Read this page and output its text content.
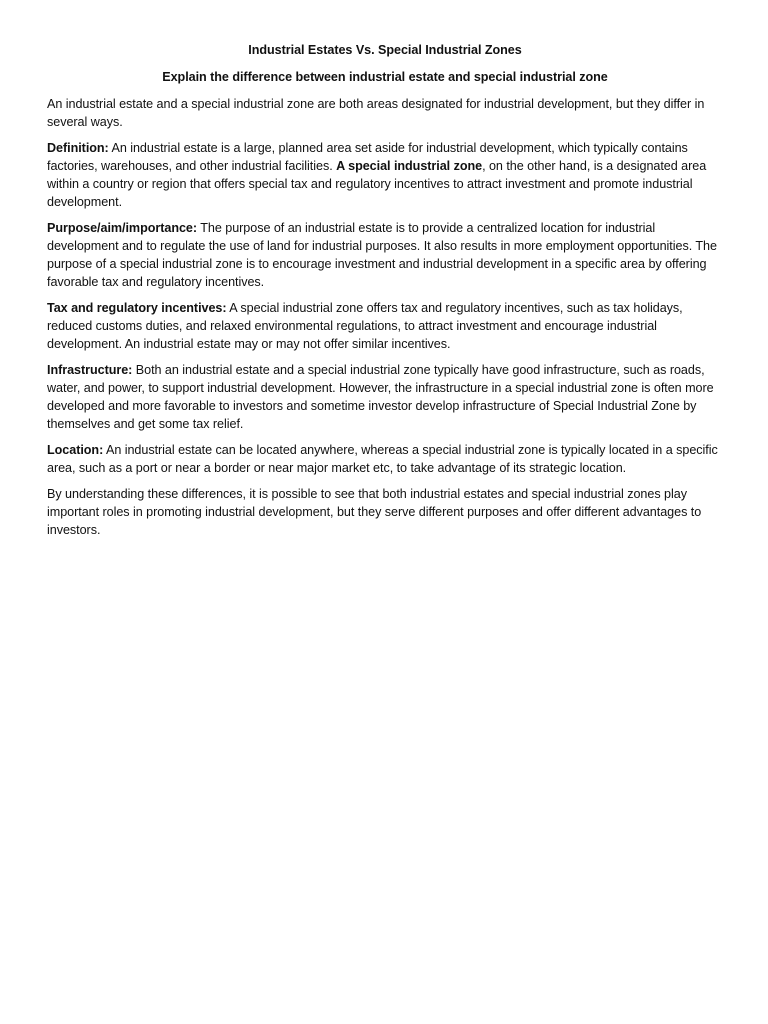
Industrial Estates Vs. Special Industrial Zones
Explain the difference between industrial estate and special industrial zone

An industrial estate and a special industrial zone are both areas designated for industrial development, but they differ in several ways.

Definition: An industrial estate is a large, planned area set aside for industrial development, which typically contains factories, warehouses, and other industrial facilities. A special industrial zone, on the other hand, is a designated area within a country or region that offers special tax and regulatory incentives to attract investment and promote industrial development.

Purpose/aim/importance: The purpose of an industrial estate is to provide a centralized location for industrial development and to regulate the use of land for industrial purposes. It also results in more employment opportunities. The purpose of a special industrial zone is to encourage investment and industrial development in a specific area by offering favorable tax and regulatory incentives.

Tax and regulatory incentives: A special industrial zone offers tax and regulatory incentives, such as tax holidays, reduced customs duties, and relaxed environmental regulations, to attract investment and encourage industrial development. An industrial estate may or may not offer similar incentives.

Infrastructure: Both an industrial estate and a special industrial zone typically have good infrastructure, such as roads, water, and power, to support industrial development. However, the infrastructure in a special industrial zone is often more developed and more favorable to investors and sometime investor develop infrastructure of Special Industrial Zone by themselves and get some tax relief.

Location: An industrial estate can be located anywhere, whereas a special industrial zone is typically located in a specific area, such as a port or near a border or near major market etc, to take advantage of its strategic location.

By understanding these differences, it is possible to see that both industrial estates and special industrial zones play important roles in promoting industrial development, but they serve different purposes and offer different advantages to investors.
